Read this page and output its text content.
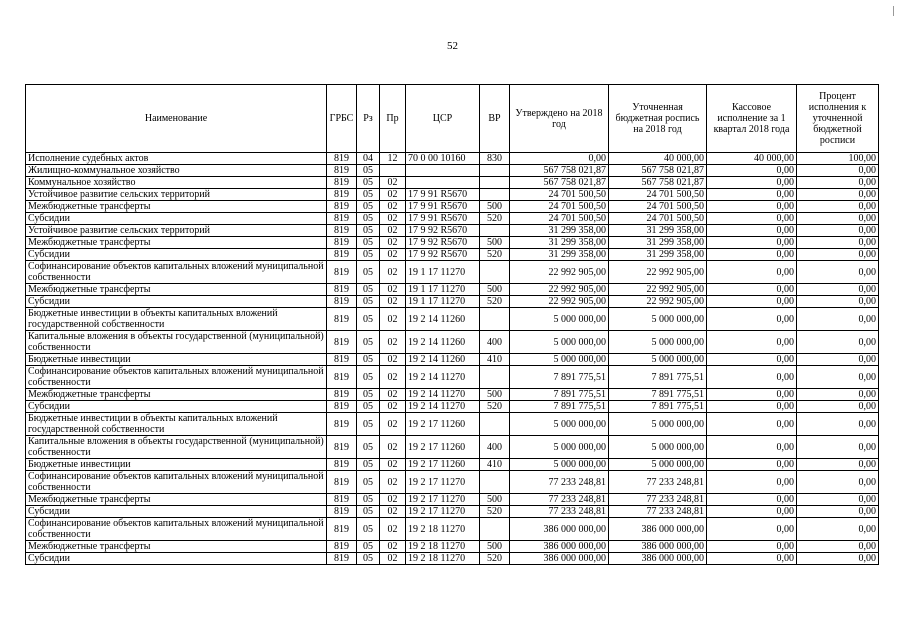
52
Наименование	ГРБС	Рз	Пр	ЦСР	ВР	Утверждено на 2018 год	Уточненная бюджетная роспись на 2018 год	Кассовое исполнение за 1 квартал 2018 года	Процент исполнения к уточненной бюджетной росписи
Исполнение судебных актов	819	04	12	70 0 00 10160	830	0,00	40 000,00	40 000,00	100,00
Жилищно-коммунальное хозяйство	819	05				567 758 021,87	567 758 021,87	0,00	0,00
Коммунальное хозяйство	819	05	02			567 758 021,87	567 758 021,87	0,00	0,00
Устойчивое развитие сельских территорий	819	05	02	17 9 91 R5670		24 701 500,50	24 701 500,50	0,00	0,00
Межбюджетные трансферты	819	05	02	17 9 91 R5670	500	24 701 500,50	24 701 500,50	0,00	0,00
Субсидии	819	05	02	17 9 91 R5670	520	24 701 500,50	24 701 500,50	0,00	0,00
Устойчивое развитие сельских территорий	819	05	02	17 9 92 R5670		31 299 358,00	31 299 358,00	0,00	0,00
Межбюджетные трансферты	819	05	02	17 9 92 R5670	500	31 299 358,00	31 299 358,00	0,00	0,00
Субсидии	819	05	02	17 9 92 R5670	520	31 299 358,00	31 299 358,00	0,00	0,00
Софинансирование объектов капитальных вложений муниципальной собственности	819	05	02	19 1 17 11270		22 992 905,00	22 992 905,00	0,00	0,00
Межбюджетные трансферты	819	05	02	19 1 17 11270	500	22 992 905,00	22 992 905,00	0,00	0,00
Субсидии	819	05	02	19 1 17 11270	520	22 992 905,00	22 992 905,00	0,00	0,00
Бюджетные инвестиции в объекты капитальных вложений государственной собственности	819	05	02	19 2 14 11260		5 000 000,00	5 000 000,00	0,00	0,00
Капитальные вложения в объекты государственной (муниципальной) собственности	819	05	02	19 2 14 11260	400	5 000 000,00	5 000 000,00	0,00	0,00
Бюджетные инвестиции	819	05	02	19 2 14 11260	410	5 000 000,00	5 000 000,00	0,00	0,00
Софинансирование объектов капитальных вложений муниципальной собственности	819	05	02	19 2 14 11270		7 891 775,51	7 891 775,51	0,00	0,00
Межбюджетные трансферты	819	05	02	19 2 14 11270	500	7 891 775,51	7 891 775,51	0,00	0,00
Субсидии	819	05	02	19 2 14 11270	520	7 891 775,51	7 891 775,51	0,00	0,00
Бюджетные инвестиции в объекты капитальных вложений государственной собственности	819	05	02	19 2 17 11260		5 000 000,00	5 000 000,00	0,00	0,00
Капитальные вложения в объекты государственной (муниципальной) собственности	819	05	02	19 2 17 11260	400	5 000 000,00	5 000 000,00	0,00	0,00
Бюджетные инвестиции	819	05	02	19 2 17 11260	410	5 000 000,00	5 000 000,00	0,00	0,00
Софинансирование объектов капитальных вложений муниципальной собственности	819	05	02	19 2 17 11270		77 233 248,81	77 233 248,81	0,00	0,00
Межбюджетные трансферты	819	05	02	19 2 17 11270	500	77 233 248,81	77 233 248,81	0,00	0,00
Субсидии	819	05	02	19 2 17 11270	520	77 233 248,81	77 233 248,81	0,00	0,00
Софинансирование объектов капитальных вложений муниципальной собственности	819	05	02	19 2 18 11270		386 000 000,00	386 000 000,00	0,00	0,00
Межбюджетные трансферты	819	05	02	19 2 18 11270	500	386 000 000,00	386 000 000,00	0,00	0,00
Субсидии	819	05	02	19 2 18 11270	520	386 000 000,00	386 000 000,00	0,00	0,00
